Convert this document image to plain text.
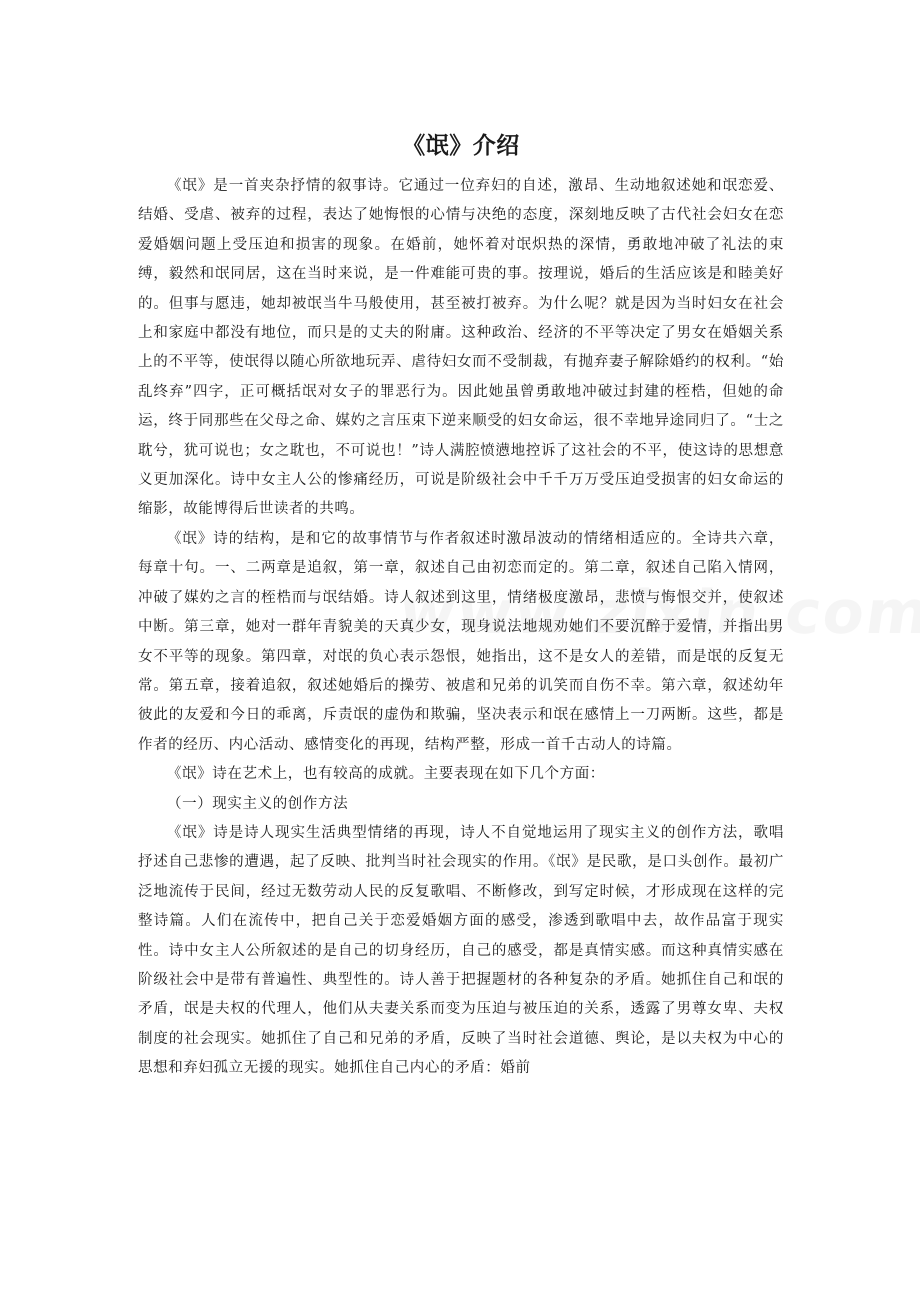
《氓》介绍

《氓》是一首夹杂抒情的叙事诗。它通过一位弃妇的自述，激昂、生动地叙述她和氓恋爱、结婚、受虐、被弃的过程，表达了她悔恨的心情与决绝的态度，深刻地反映了古代社会妇女在恋爱婚姻问题上受压迫和损害的现象。在婚前，她怀着对氓炽热的深情，勇敢地冲破了礼法的束缚，毅然和氓同居，这在当时来说，是一件难能可贵的事。按理说，婚后的生活应该是和睦美好的。但事与愿违，她却被氓当牛马般使用，甚至被打被弃。为什么呢？就是因为当时妇女在社会上和家庭中都没有地位，而只是的丈夫的附庸。这种政治、经济的不平等决定了男女在婚姻关系上的不平等，使氓得以随心所欲地玩弄、虐待妇女而不受制裁，有抛弃妻子解除婚约的权利。“始乱终弃”四字，正可概括氓对女子的罪恶行为。因此她虽曾勇敢地冲破过封建的桎梏，但她的命运，终于同那些在父母之命、媒妁之言压束下逆来顺受的妇女命运，很不幸地异途同归了。“士之耽兮，犹可说也；女之耽也，不可说也！”诗人满腔愤懑地控诉了这社会的不平，使这诗的思想意义更加深化。诗中女主人公的惨痛经历，可说是阶级社会中千千万万受压迫受损害的妇女命运的缩影，故能博得后世读者的共鸣。

《氓》诗的结构，是和它的故事情节与作者叙述时激昂波动的情绪相适应的。全诗共六章，每章十句。一、二两章是追叙，第一章，叙述自己由初恋而定的。第二章，叙述自己陷入情网，冲破了媒妁之言的桎梏而与氓结婚。诗人叙述到这里，情绪极度激昂，悲愤与悔恨交并，使叙述中断。第三章，她对一群年青貌美的天真少女，现身说法地规劝她们不要沉醉于爱情，并指出男女不平等的现象。第四章，对氓的负心表示怨恨，她指出，这不是女人的差错，而是氓的反复无常。第五章，接着追叙，叙述她婚后的操劳、被虐和兄弟的讥笑而自伤不幸。第六章，叙述幼年彼此的友爱和今日的乖离，斥责氓的虚伪和欺骗，坚决表示和氓在感情上一刀两断。这些，都是作者的经历、内心活动、感情变化的再现，结构严整，形成一首千古动人的诗篇。

《氓》诗在艺术上，也有较高的成就。主要表现在如下几个方面：

（一）现实主义的创作方法

《氓》诗是诗人现实生活典型情绪的再现，诗人不自觉地运用了现实主义的创作方法，歌唱抒述自己悲惨的遭遇，起了反映、批判当时社会现实的作用。《氓》是民歌，是口头创作。最初广泛地流传于民间，经过无数劳动人民的反复歌唱、不断修改，到写定时候，才形成现在这样的完整诗篇。人们在流传中，把自己关于恋爱婚姻方面的感受，渗透到歌唱中去，故作品富于现实性。诗中女主人公所叙述的是自己的切身经历，自己的感受，都是真情实感。而这种真情实感在阶级社会中是带有普遍性、典型性的。诗人善于把握题材的各种复杂的矛盾。她抓住自己和氓的矛盾，氓是夫权的代理人，他们从夫妻关系而变为压迫与被压迫的关系，透露了男尊女卑、夫权制度的社会现实。她抓住了自己和兄弟的矛盾，反映了当时社会道德、舆论，是以夫权为中心的思想和弃妇孤立无援的现实。她抓住自己内心的矛盾：婚前
